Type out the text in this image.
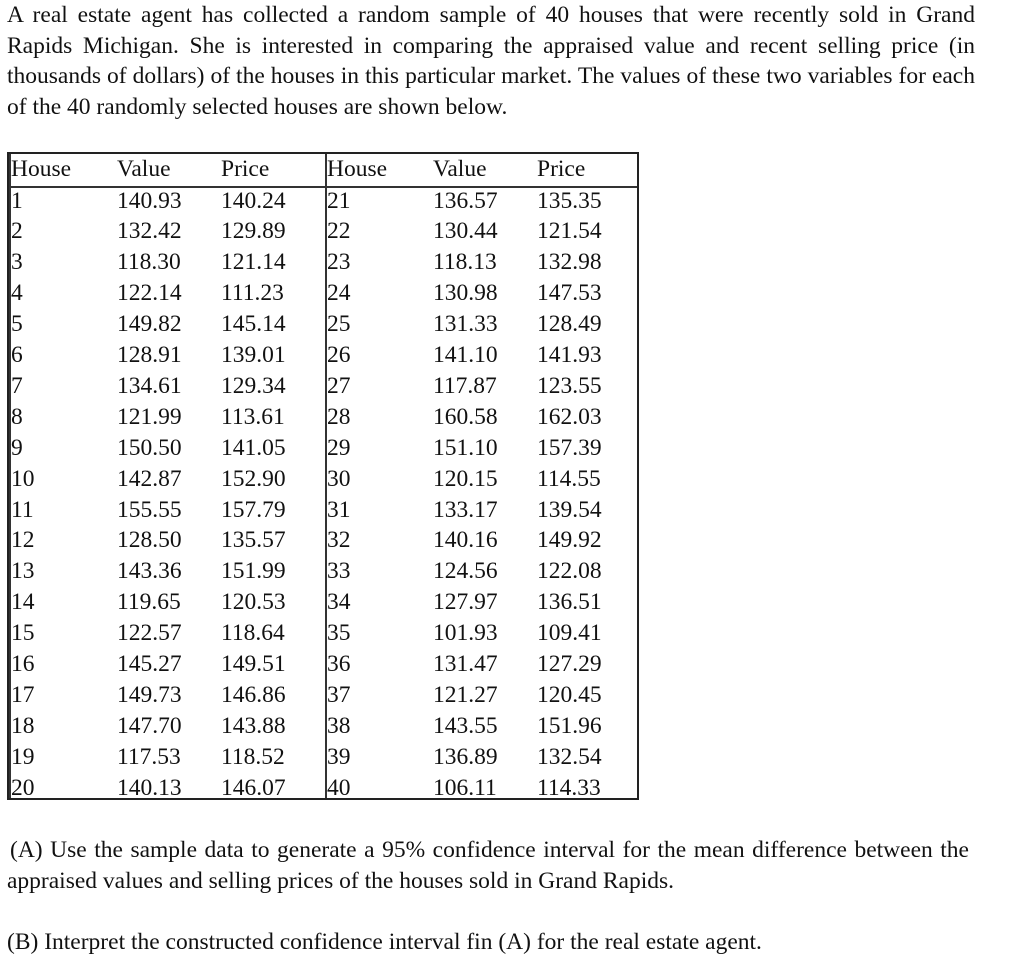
A real estate agent has collected a random sample of 40 houses that were recently sold in Grand Rapids Michigan. She is interested in comparing the appraised value and recent selling price (in thousands of dollars) of the houses in this particular market. The values of these two variables for each of the 40 randomly selected houses are shown below.

House Value Price House Value Price
1	140.93 140.24 21	136.57 135.35
2	132.42 129.89 22	130.44 121.54
3	118.30 121.14 23	118.13 132.98
4	122.14 111.23 24	130.98 147.53
5	149.82 145.14 25	131.33 128.49
6	128.91 139.01 26	141.10 141.93
7	134.61 129.34 27	117.87 123.55
8	121.99 113.61 28	160.58 162.03
9	150.50 141.05 29	151.10 157.39
10	142.87 152.90 30	120.15 114.55
11	155.55 157.79 31	133.17 139.54
12	128.50 135.57 32	140.16 149.92
13	143.36 151.99 33	124.56 122.08
14	119.65 120.53 34	127.97 136.51
15	122.57 118.64 35	101.93 109.41
16	145.27 149.51 36	131.47 127.29
17	149.73 146.86 37	121.27 120.45
18	147.70 143.88 38	143.55 151.96
19	117.53 118.52 39	136.89 132.54
20	140.13 146.07 40	106.11 114.33

(A) Use the sample data to generate a 95% confidence interval for the mean difference between the appraised values and selling prices of the houses sold in Grand Rapids.

(B) Interpret the constructed confidence interval fin (A) for the real estate agent.
